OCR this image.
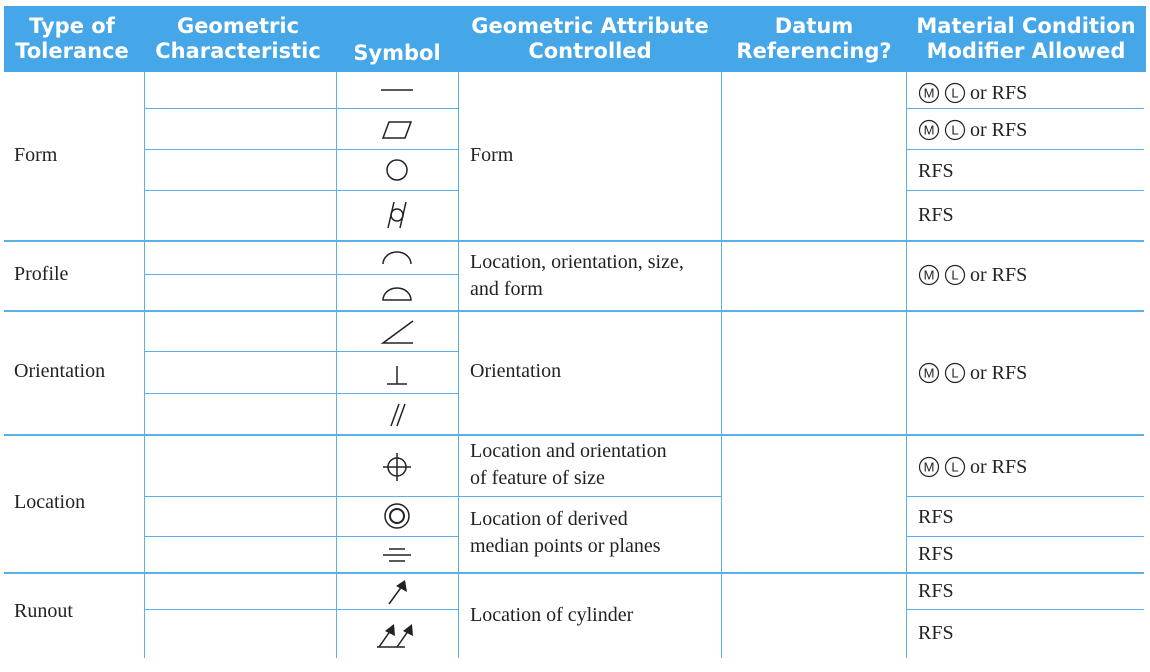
Type of
Tolerance
Geometric
Characteristic Symbol
Geometric Attribute
Controlled
Datum
Referencing?
Material Condition
Modifier Allowed
Form
Profile
Orientation
Location
Runout
Form
Location, orientation, size,
and form
Orientation
Location and orientation
of feature of size
Location of derived
median points or planes
Location of cylinder
M L or RFS
M L or RFS
RFS
RFS
M L or RFS
M L or RFS
M L or RFS
RFS
RFS
RFS
RFS
